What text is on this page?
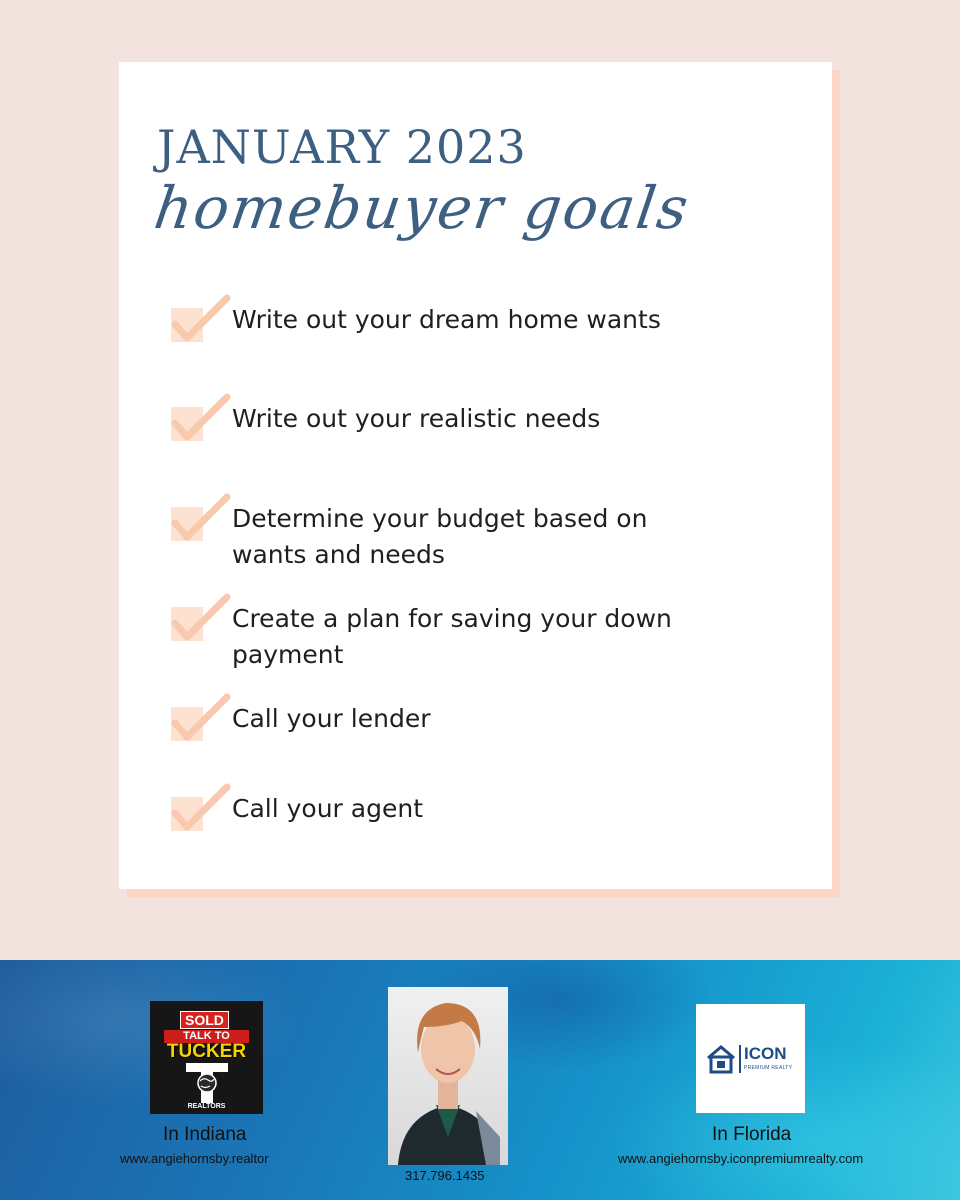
JANUARY 2023
homebuyer goals
Write out your dream home wants
Write out your realistic needs
Determine your budget based on wants and needs
Create a plan for saving your down payment
Call your lender
Call your agent
SOLD
TALK TO
TUCKER
REALTORS
In Indiana
www.angiehornsby.realtor
317.796.1435
ICON
PREMIUM REALTY
In Florida
www.angiehornsby.iconpremiumrealty.com
